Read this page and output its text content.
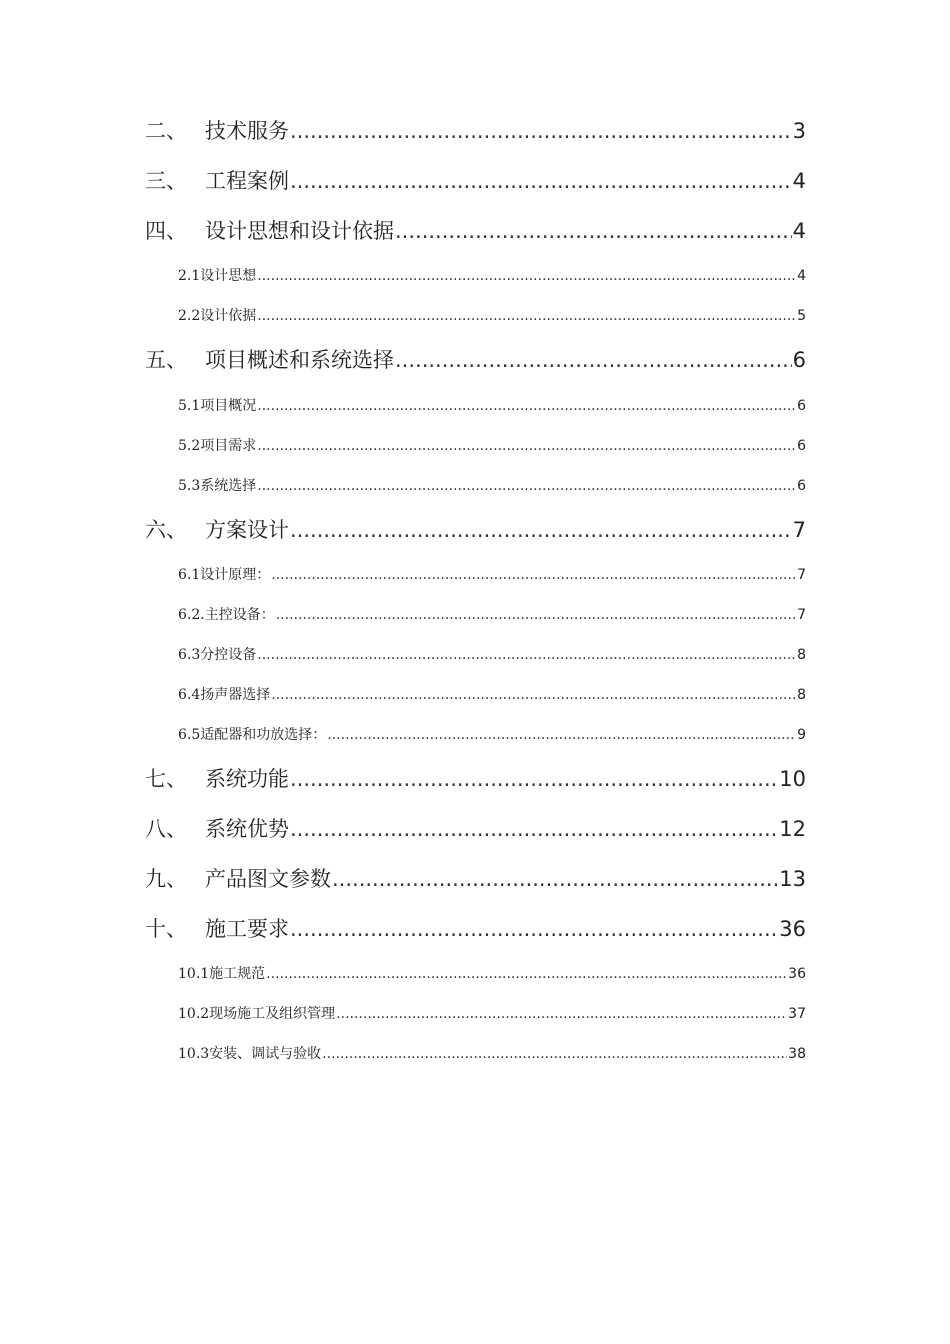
二、 技术服务 .....	3
三、 工程案例 .....	4
四、 设计思想和设计依据 .....	4
2.1 设计思想 .....	4
2.2 设计依据 .....	5
五、 项目概述和系统选择 .....	6
5.1 项目概况 .....	6
5.2 项目需求 .....	6
5.3 系统选择 .....	6
六、 方案设计 .....	7
6.1 设计原理： .....	7
6.2. 主控设备： .....	7
6.3 分控设备 .....	8
6.4 扬声器选择 .....	8
6.5 适配器和功放选择： .....	9
七、 系统功能 .....	10
八、 系统优势 .....	12
九、 产品图文参数 .....	13
十、 施工要求 .....	36
10.1 施工规范 .....	36
10.2 现场施工及组织管理 .....	37
10.3 安装、调试与验收 .....	38
